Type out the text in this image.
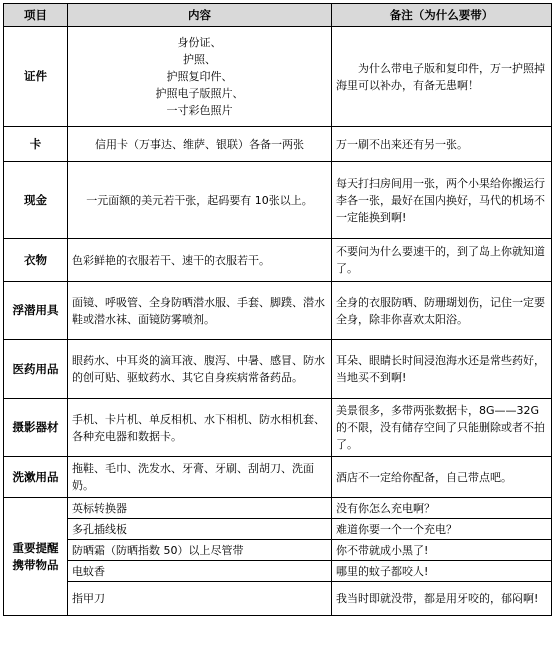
项目	内容	备注（为什么要带）
证件	身份证、
护照、
护照复印件、
护照电子版照片、
一寸彩色照片	为什么带电子版和复印件，万一护照掉海里可以补办，有备无患啊！
卡	信用卡（万事达、维萨、银联）各备一两张	万一刷不出来还有另一张。
现金	一元面额的美元若干张，起码要有 10张以上。	每天打扫房间用一张，两个小果给你搬运行李各一张，最好在国内换好，马代的机场不一定能换到啊!
衣物	色彩鲜艳的衣服若干、速干的衣服若干。	不要问为什么要速干的，到了岛上你就知道了。
浮潜用具	面镜、呼吸管、全身防晒潜水服、手套、脚蹼、潜水鞋或潜水袜、面镜防雾喷剂。	全身的衣服防晒、防珊瑚划伤，记住一定要全身，除非你喜欢太阳浴。
医药用品	眼药水、中耳炎的滴耳液、腹泻、中暑、感冒、防水的创可贴、驱蚊药水、其它自身疾病常备药品。	耳朵、眼睛长时间浸泡海水还是常些药好，当地买不到啊!
摄影器材	手机、卡片机、单反相机、水下相机、防水相机套、各种充电器和数据卡。	美景很多，多带两张数据卡，8G——32G的不限，没有储存空间了只能删除或者不拍了。
洗漱用品	拖鞋、毛巾、洗发水、牙膏、牙刷、刮胡刀、洗面奶。	酒店不一定给你配备，自己带点吧。
重要提醒携带物品	英标转换器	没有你怎么充电啊？
	多孔插线板	难道你要一个一个充电？
	防晒霜（防晒指数 50）以上尽管带	你不带就成小黑了!
	电蚊香	哪里的蚊子都咬人!
	指甲刀	我当时即就没带，都是用牙咬的，郁闷啊!
